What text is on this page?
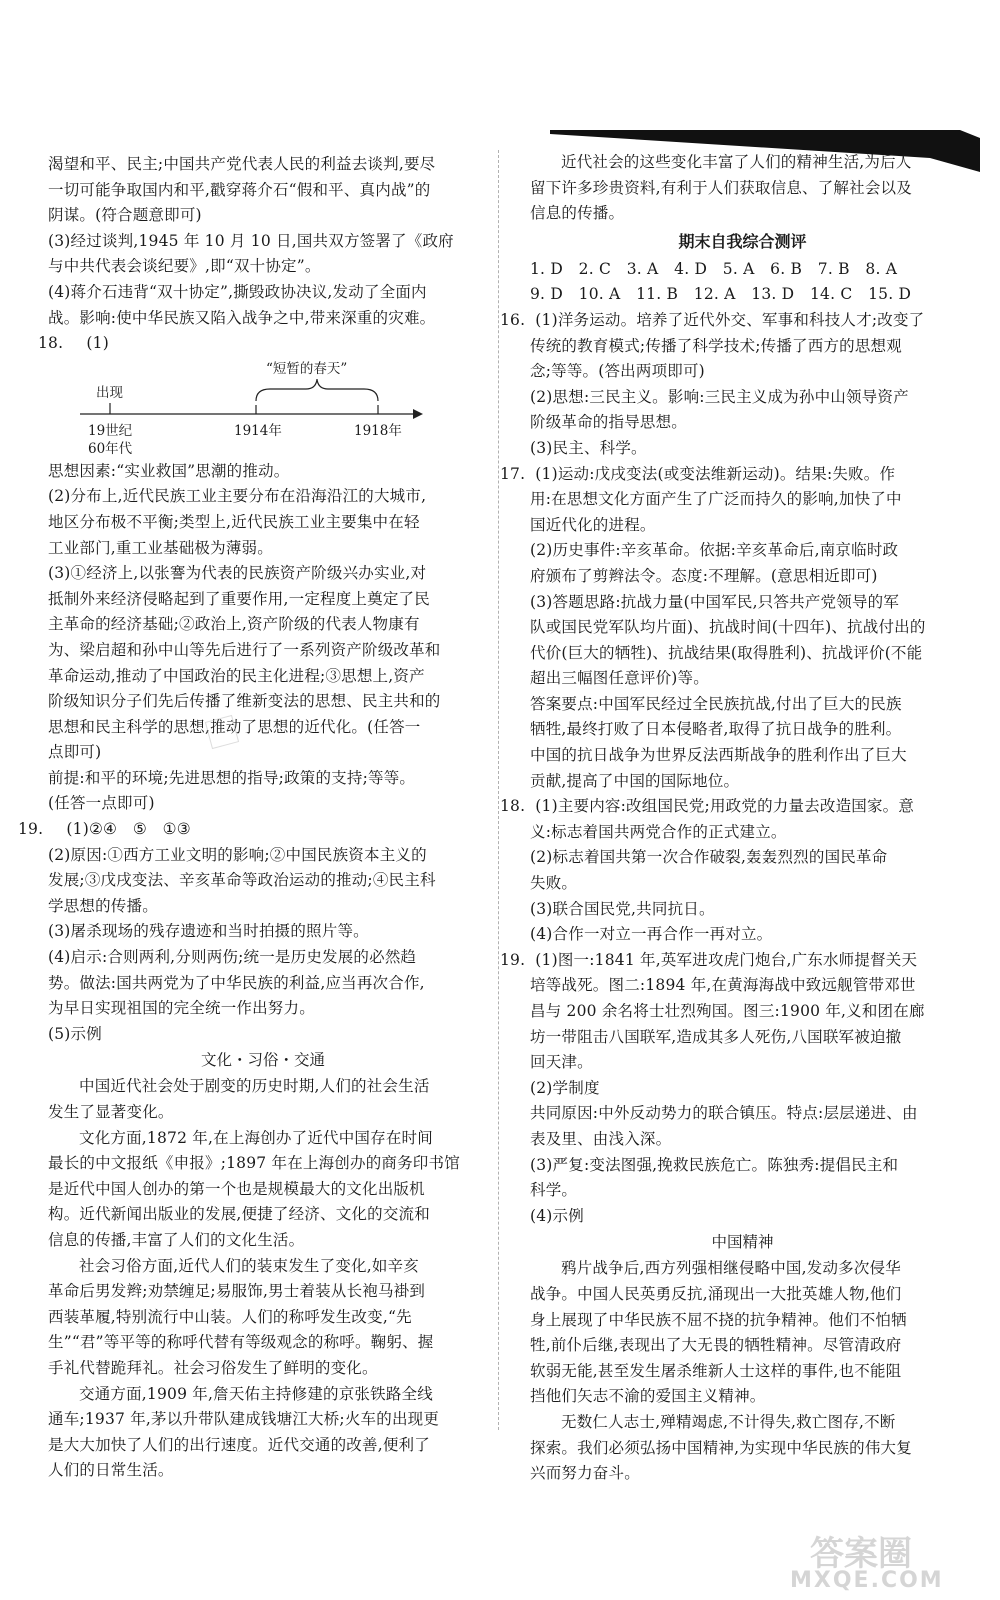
渴望和平、民主;中国共产党代表人民的利益去谈判,要尽
一切可能争取国内和平,戳穿蒋介石“假和平、真内战”的
阴谋。(符合题意即可)
(3)经过谈判,1945 年 10 月 10 日,国共双方签署了《政府
与中共代表会谈纪要》,即“双十协定”。
(4)蒋介石违背“双十协定”,撕毁政协决议,发动了全面内
战。影响:使中华民族又陷入战争之中,带来深重的灾难。
18. (1)
“短暂的春天”
出现
19世纪
60年代
1914年	1918年
思想因素:“实业救国”思潮的推动。
(2)分布上,近代民族工业主要分布在沿海沿江的大城市,
地区分布极不平衡;类型上,近代民族工业主要集中在轻
工业部门,重工业基础极为薄弱。
(3)①经济上,以张謇为代表的民族资产阶级兴办实业,对
抵制外来经济侵略起到了重要作用,一定程度上奠定了民
主革命的经济基础;②政治上,资产阶级的代表人物康有
为、梁启超和孙中山等先后进行了一系列资产阶级改革和
革命运动,推动了中国政治的民主化进程;③思想上,资产
阶级知识分子们先后传播了维新变法的思想、民主共和的
思想和民主科学的思想,推动了思想的近代化。(任答一
点即可)
前提:和平的环境;先进思想的指导;政策的支持;等等。
(任答一点即可)
19. (1)②④　⑤　①③
(2)原因:①西方工业文明的影响;②中国民族资本主义的
发展;③戊戌变法、辛亥革命等政治运动的推动;④民主科
学思想的传播。
(3)屠杀现场的残存遗迹和当时拍摄的照片等。
(4)启示:合则两利,分则两伤;统一是历史发展的必然趋
势。做法:国共两党为了中华民族的利益,应当再次合作,
为早日实现祖国的完全统一作出努力。
(5)示例
文化・习俗・交通
中国近代社会处于剧变的历史时期,人们的社会生活
发生了显著变化。
文化方面,1872 年,在上海创办了近代中国存在时间
最长的中文报纸《申报》;1897 年在上海创办的商务印书馆
是近代中国人创办的第一个也是规模最大的文化出版机
构。近代新闻出版业的发展,便捷了经济、文化的交流和
信息的传播,丰富了人们的文化生活。
社会习俗方面,近代人们的装束发生了变化,如辛亥
革命后男发辫;劝禁缠足;易服饰,男士着装从长袍马褂到
西装革履,特别流行中山装。人们的称呼发生改变,“先
生”“君”等平等的称呼代替有等级观念的称呼。鞠躬、握
手礼代替跪拜礼。社会习俗发生了鲜明的变化。
交通方面,1909 年,詹天佑主持修建的京张铁路全线
通车;1937 年,茅以升带队建成钱塘江大桥;火车的出现更
是大大加快了人们的出行速度。近代交通的改善,便利了
人们的日常生活。
近代社会的这些变化丰富了人们的精神生活,为后人
留下许多珍贵资料,有利于人们获取信息、了解社会以及
信息的传播。
期末自我综合测评
1. D　2. C　3. A　4. D　5. A　6. B　7. B　8. A
9. D　10. A　11. B　12. A　13. D　14. C　15. D
16. (1)洋务运动。培养了近代外交、军事和科技人才;改变了
传统的教育模式;传播了科学技术;传播了西方的思想观
念;等等。(答出两项即可)
(2)思想:三民主义。影响:三民主义成为孙中山领导资产
阶级革命的指导思想。
(3)民主、科学。
17. (1)运动:戊戌变法(或变法维新运动)。结果:失败。作
用:在思想文化方面产生了广泛而持久的影响,加快了中
国近代化的进程。
(2)历史事件:辛亥革命。依据:辛亥革命后,南京临时政
府颁布了剪辫法令。态度:不理解。(意思相近即可)
(3)答题思路:抗战力量(中国军民,只答共产党领导的军
队或国民党军队均片面)、抗战时间(十四年)、抗战付出的
代价(巨大的牺牲)、抗战结果(取得胜利)、抗战评价(不能
超出三幅图任意评价)等。
答案要点:中国军民经过全民族抗战,付出了巨大的民族
牺牲,最终打败了日本侵略者,取得了抗日战争的胜利。
中国的抗日战争为世界反法西斯战争的胜利作出了巨大
贡献,提高了中国的国际地位。
18. (1)主要内容:改组国民党;用政党的力量去改造国家。意
义:标志着国共两党合作的正式建立。
(2)标志着国共第一次合作破裂,轰轰烈烈的国民革命
失败。
(3)联合国民党,共同抗日。
(4)合作一对立一再合作一再对立。
19. (1)图一:1841 年,英军进攻虎门炮台,广东水师提督关天
培等战死。图二:1894 年,在黄海海战中致远舰管带邓世
昌与 200 余名将士壮烈殉国。图三:1900 年,义和团在廊
坊一带阻击八国联军,造成其多人死伤,八国联军被迫撤
回天津。
(2)学制度
共同原因:中外反动势力的联合镇压。特点:层层递进、由
表及里、由浅入深。
(3)严复:变法图强,挽救民族危亡。陈独秀:提倡民主和
科学。
(4)示例
中国精神
鸦片战争后,西方列强相继侵略中国,发动多次侵华
战争。中国人民英勇反抗,涌现出一大批英雄人物,他们
身上展现了中华民族不屈不挠的抗争精神。他们不怕牺
牲,前仆后继,表现出了大无畏的牺牲精神。尽管清政府
软弱无能,甚至发生屠杀维新人士这样的事件,也不能阻
挡他们矢志不渝的爱国主义精神。
无数仁人志士,殚精竭虑,不计得失,救亡图存,不断
探索。我们必须弘扬中国精神,为实现中华民族的伟大复
兴而努力奋斗。
答案圈
MXQE.COM
